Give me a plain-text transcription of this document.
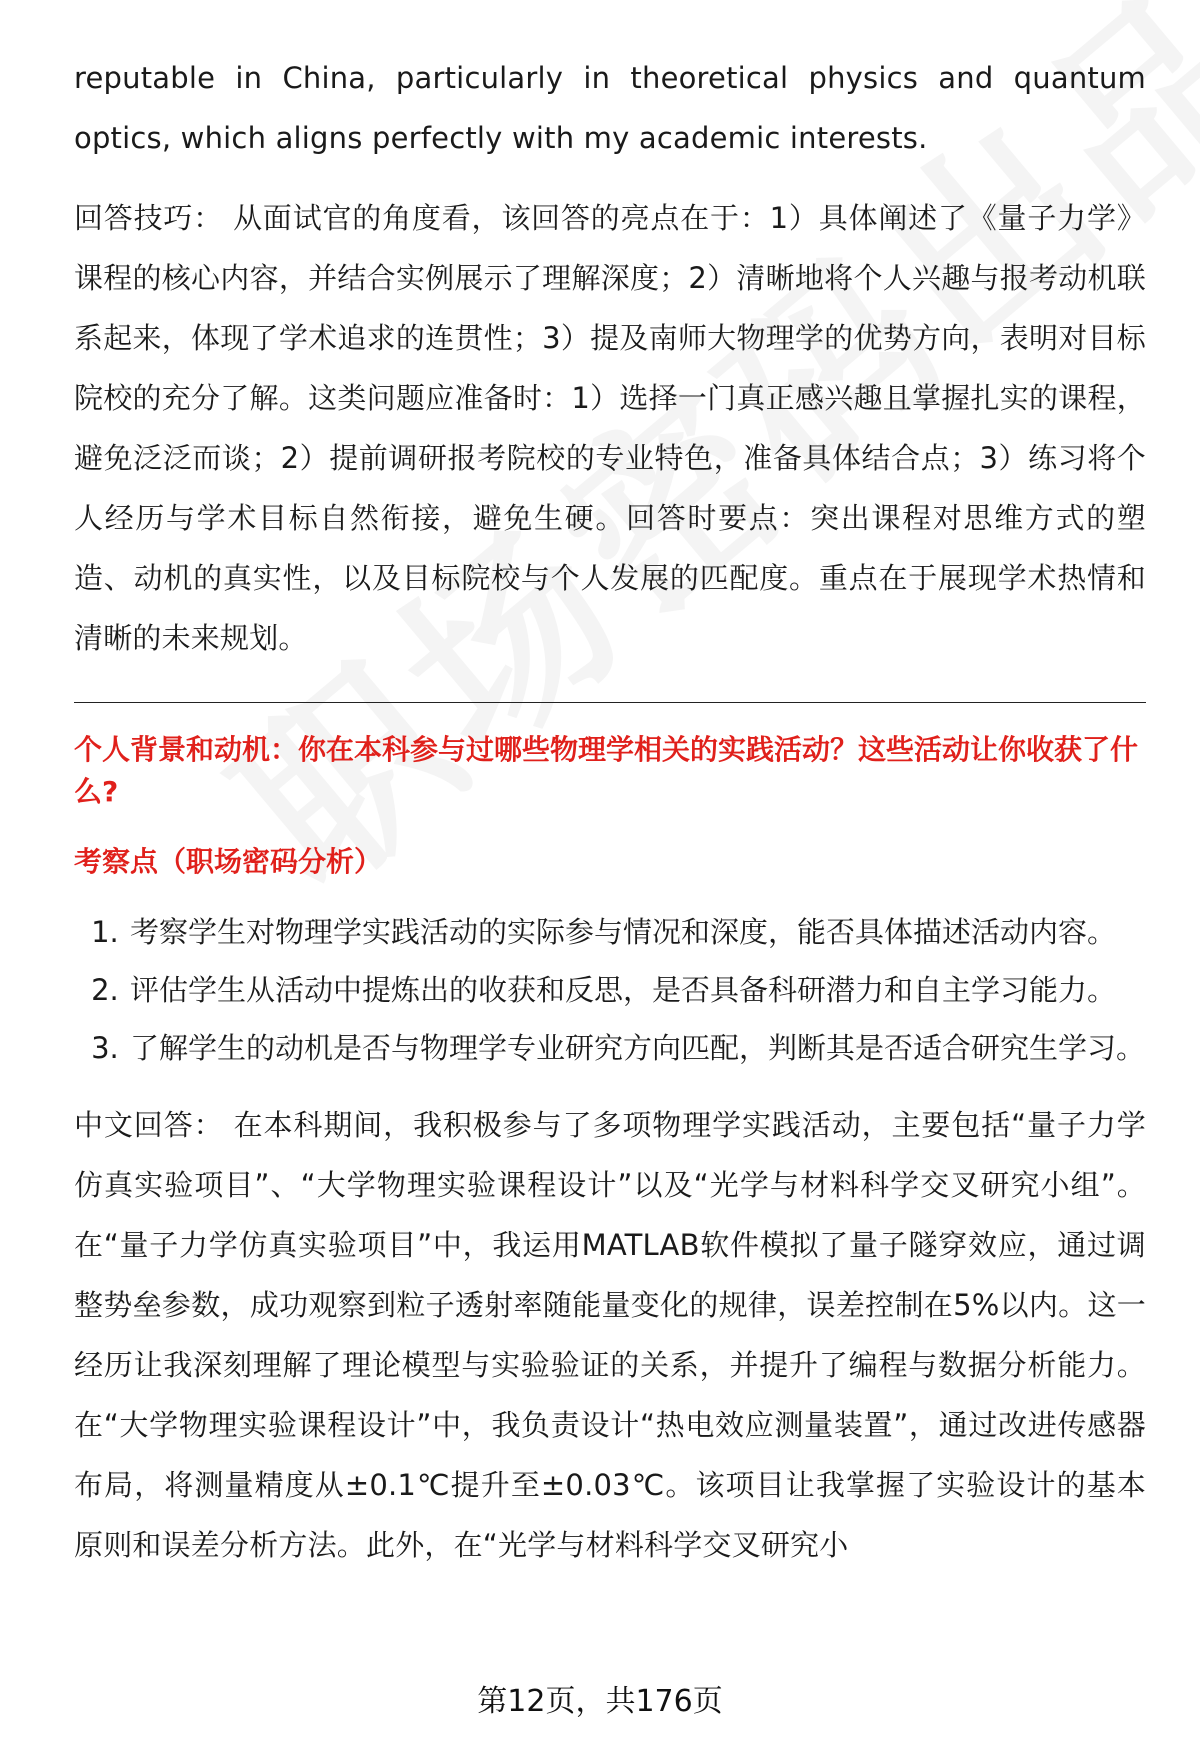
reputable in China, particularly in theoretical physics and quantum optics, which aligns perfectly with my academic interests.

回答技巧： 从面试官的角度看，该回答的亮点在于：1）具体阐述了《量子力学》课程的核心内容，并结合实例展示了理解深度；2）清晰地将个人兴趣与报考动机联系起来，体现了学术追求的连贯性；3）提及南师大物理学的优势方向，表明对目标院校的充分了解。这类问题应准备时：1）选择一门真正感兴趣且掌握扎实的课程，避免泛泛而谈；2）提前调研报考院校的专业特色，准备具体结合点；3）练习将个人经历与学术目标自然衔接，避免生硬。回答时要点：突出课程对思维方式的塑造、动机的真实性，以及目标院校与个人发展的匹配度。重点在于展现学术热情和清晰的未来规划。

个人背景和动机：你在本科参与过哪些物理学相关的实践活动？这些活动让你收获了什么?

考察点（职场密码分析）
1. 考察学生对物理学实践活动的实际参与情况和深度，能否具体描述活动内容。
2. 评估学生从活动中提炼出的收获和反思，是否具备科研潜力和自主学习能力。
3. 了解学生的动机是否与物理学专业研究方向匹配，判断其是否适合研究生学习。

中文回答： 在本科期间，我积极参与了多项物理学实践活动，主要包括“量子力学仿真实验项目”、“大学物理实验课程设计”以及“光学与材料科学交叉研究小组”。在“量子力学仿真实验项目”中，我运用MATLAB软件模拟了量子隧穿效应，通过调整势垒参数，成功观察到粒子透射率随能量变化的规律，误差控制在5%以内。这一经历让我深刻理解了理论模型与实验验证的关系，并提升了编程与数据分析能力。在“大学物理实验课程设计”中，我负责设计“热电效应测量装置”，通过改进传感器布局，将测量精度从±0.1℃提升至±0.03℃。该项目让我掌握了实验设计的基本原则和误差分析方法。此外，在“光学与材料科学交叉研究小

第12页，共176页
